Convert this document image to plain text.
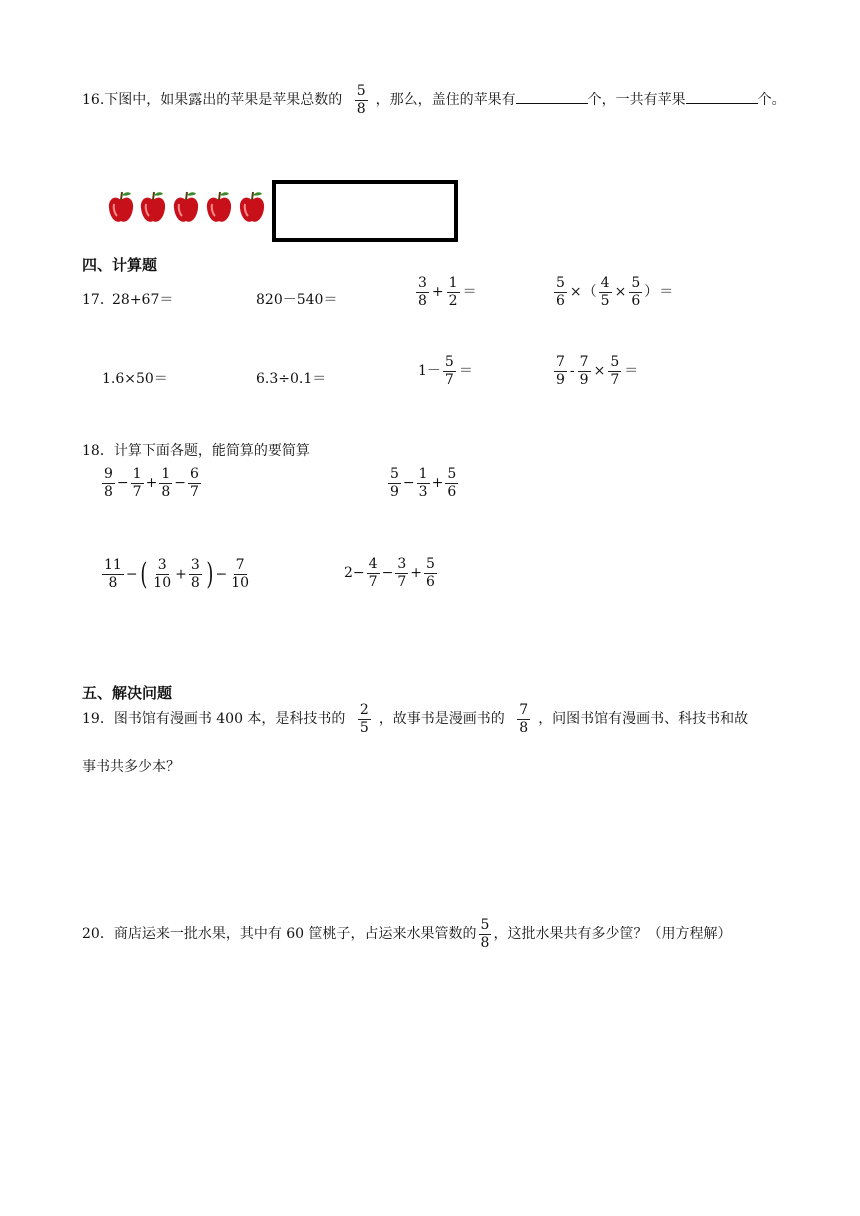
16.下图中，如果露出的苹果是苹果总数的 $\frac{5}{8}$ ，那么，盖住的苹果有	个，一共有苹果	个。
四、计算题
17．
28+67＝	820－540＝	$\frac{3}{8} + \frac{1}{2}$ ＝	$\frac{5}{6}$ ×（ $\frac{4}{5} \times \frac{5}{6}$ ）＝
1.6×50＝	6.3÷0.1＝	$1- \frac{5}{7}$ ＝	$\frac{7}{9} - \frac{7}{9} \times \frac{5}{7}$ ＝
18．计算下面各题，能简算的要简算
$\frac{9}{8} - \frac{1}{7} + \frac{1}{8} - \frac{6}{7}$	$\frac{5}{9} - \frac{1}{3} + \frac{5}{6}$
$\frac{11}{8}$ −( $\frac{3}{10} + \frac{3}{8}$ ) − $\frac{7}{10}$	$2- \frac{4}{7} - \frac{3}{7} + \frac{5}{6}$
五、解决问题
19．图书馆有漫画书 400 本，是科技书的 $\frac{2}{5}$ ，故事书是漫画书的 $\frac{7}{8}$ ，问图书馆有漫画书、科技书和故
事书共多少本？
20．商店运来一批水果，其中有 60 筐桃子，占运来水果管数的 $\frac{5}{8}$ ，这批水果共有多少筐？（用方程解）
